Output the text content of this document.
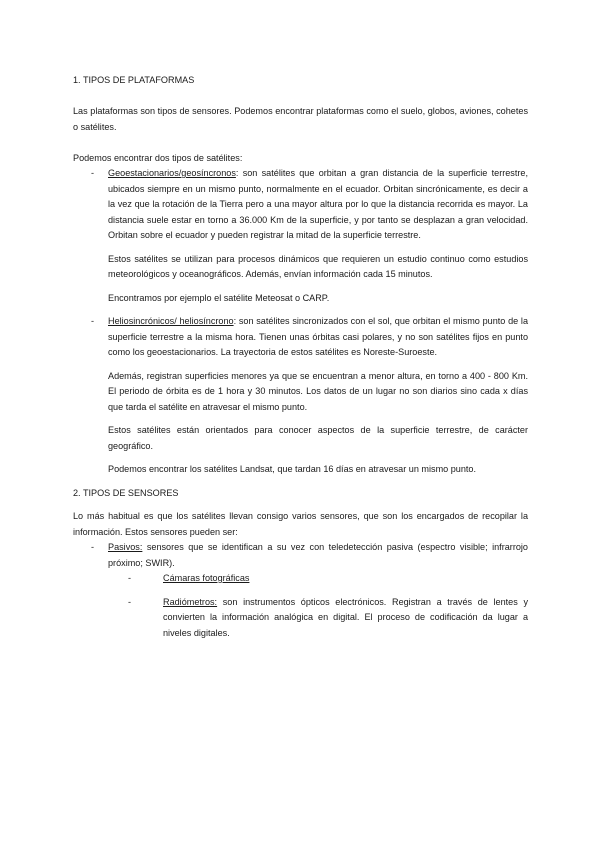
1. TIPOS DE PLATAFORMAS

Las plataformas son tipos de sensores. Podemos encontrar plataformas como el suelo, globos, aviones, cohetes o satélites.

Podemos encontrar dos tipos de satélites:

- Geoestacionarios/geosíncronos: son satélites que orbitan a gran distancia de la superficie terrestre, ubicados siempre en un mismo punto, normalmente en el ecuador. Orbitan sincrónicamente, es decir a la vez que la rotación de la Tierra pero a una mayor altura por lo que la distancia recorrida es mayor. La distancia suele estar en torno a 36.000 Km de la superficie, y por tanto se desplazan a gran velocidad. Orbitan sobre el ecuador y pueden registrar la mitad de la superficie terrestre.

Estos satélites se utilizan para procesos dinámicos que requieren un estudio continuo como estudios meteorológicos y oceanográficos. Además, envían información cada 15 minutos.

Encontramos por ejemplo el satélite Meteosat o CARP.

- Heliosincrónicos/ heliosíncrono: son satélites sincronizados con el sol, que orbitan el mismo punto de la superficie terrestre a la misma hora. Tienen unas órbitas casi polares, y no son satélites fijos en punto como los geoestacionarios. La trayectoria de estos satélites es Noreste-Suroeste.

Además, registran superficies menores ya que se encuentran a menor altura, en torno a 400 - 800 Km. El periodo de órbita es de 1 hora y 30 minutos. Los datos de un lugar no son diarios sino cada x días que tarda el satélite en atravesar el mismo punto.

Estos satélites están orientados para conocer aspectos de la superficie terrestre, de carácter geográfico.

Podemos encontrar los satélites Landsat, que tardan 16 días en atravesar un mismo punto.

2. TIPOS DE SENSORES

Lo más habitual es que los satélites llevan consigo varios sensores, que son los encargados de recopilar la información. Estos sensores pueden ser:

- Pasivos: sensores que se identifican a su vez con teledetección pasiva (espectro visible; infrarrojo próximo; SWIR).

-	Cámaras fotográficas

-	Radiómetros: son instrumentos ópticos electrónicos. Registran a través de lentes y convierten la información analógica en digital. El proceso de codificación da lugar a niveles digitales.
